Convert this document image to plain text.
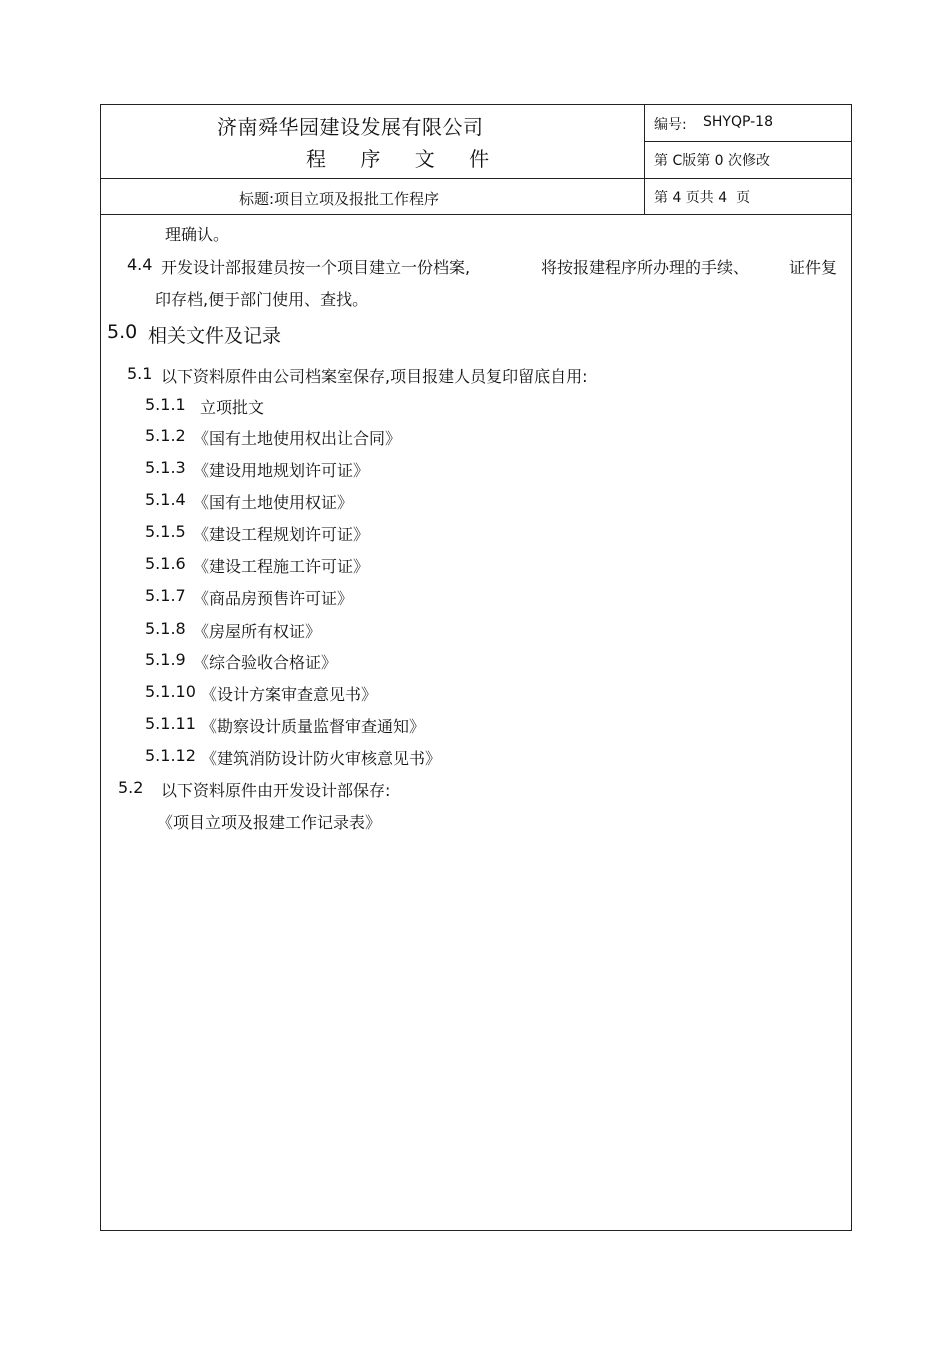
济南舜华园建设发展有限公司
程 序 文 件
编号: SHYQP-18
第 C版第 0 次修改
标题:项目立项及报批工作程序	第 4 页共 4  页
理确认。
4.4 开发设计部报建员按一个项目建立一份档案,	将按报建程序所办理的手续、 证件复
印存档,便于部门使用、查找。
5.0 相关文件及记录
5.1 以下资料原件由公司档案室保存,项目报建人员复印留底自用:
5.1.1 立项批文
5.1.2 《国有土地使用权出让合同》
5.1.3 《建设用地规划许可证》
5.1.4 《国有土地使用权证》
5.1.5 《建设工程规划许可证》
5.1.6 《建设工程施工许可证》
5.1.7 《商品房预售许可证》
5.1.8 《房屋所有权证》
5.1.9 《综合验收合格证》
5.1.10 《设计方案审查意见书》
5.1.11 《勘察设计质量监督审查通知》
5.1.12 《建筑消防设计防火审核意见书》
5.2 以下资料原件由开发设计部保存:
《项目立项及报建工作记录表》
